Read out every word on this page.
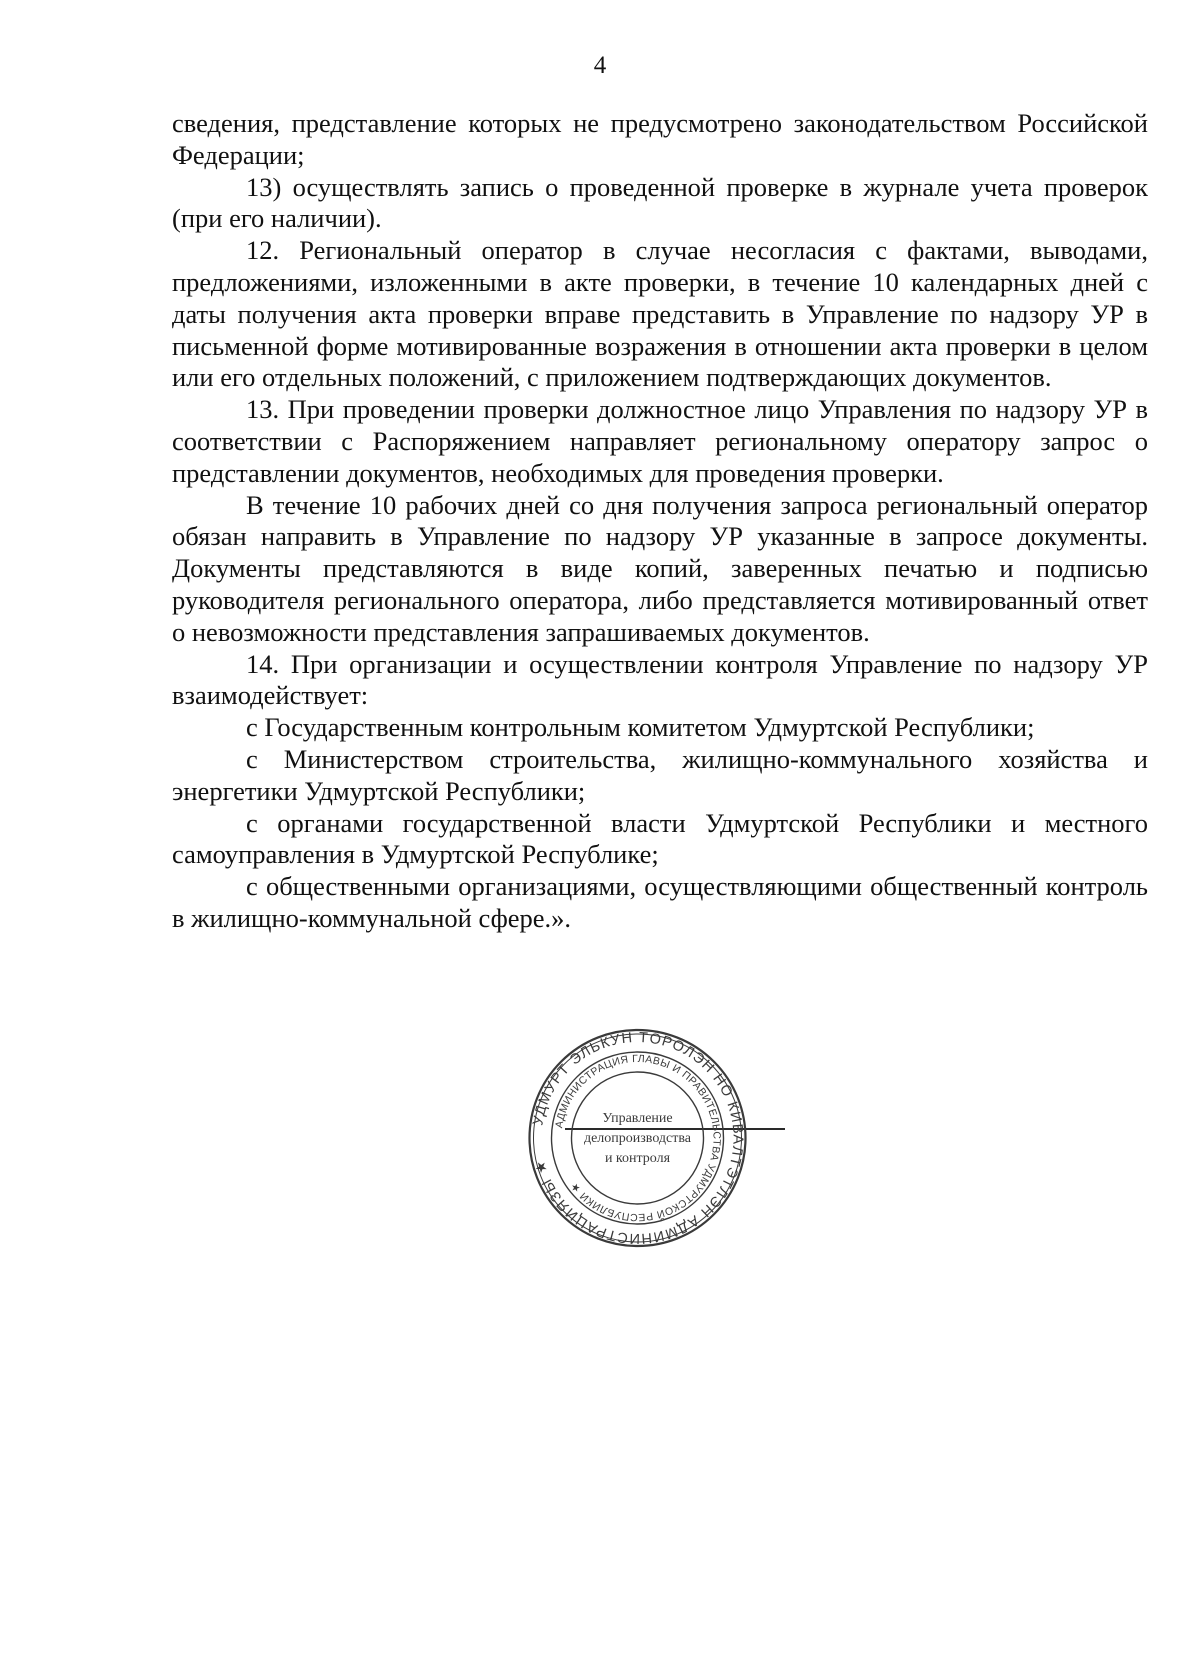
4

сведения, представление которых не предусмотрено законодательством Российской Федерации;

13) осуществлять запись о проведенной проверке в журнале учета проверок (при его наличии).

12. Региональный оператор в случае несогласия с фактами, выводами, предложениями, изложенными в акте проверки, в течение 10 календарных дней с даты получения акта проверки вправе представить в Управление по надзору УР в письменной форме мотивированные возражения в отношении акта проверки в целом или его отдельных положений, с приложением подтверждающих документов.

13. При проведении проверки должностное лицо Управления по надзору УР в соответствии с Распоряжением направляет региональному оператору запрос о представлении документов, необходимых для проведения проверки.

В течение 10 рабочих дней со дня получения запроса региональный оператор обязан направить в Управление по надзору УР указанные в запросе документы. Документы представляются в виде копий, заверенных печатью и подписью руководителя регионального оператора, либо представляется мотивированный ответ о невозможности представления запрашиваемых документов.

14. При организации и осуществлении контроля Управление по надзору УР взаимодействует:

с Государственным контрольным комитетом Удмуртской Республики;

с Министерством строительства, жилищно-коммунального хозяйства и энергетики Удмуртской Республики;

с органами государственной власти Удмуртской Республики и местного самоуправления в Удмуртской Республике;

с общественными организациями, осуществляющими общественный контроль в жилищно-коммунальной сфере.».

УДМУРТ ЭЛЬКУН ТӦРОЛЭН НО КИВАЛТЭТЛЭН АДМИНИСТРАЦИЯЗЫ ★
АДМИНИСТРАЦИЯ ГЛАВЫ И ПРАВИТЕЛЬСТВА УДМУРТСКОЙ РЕСПУБЛИКИ ★
Управление
делопроизводства
и контроля
